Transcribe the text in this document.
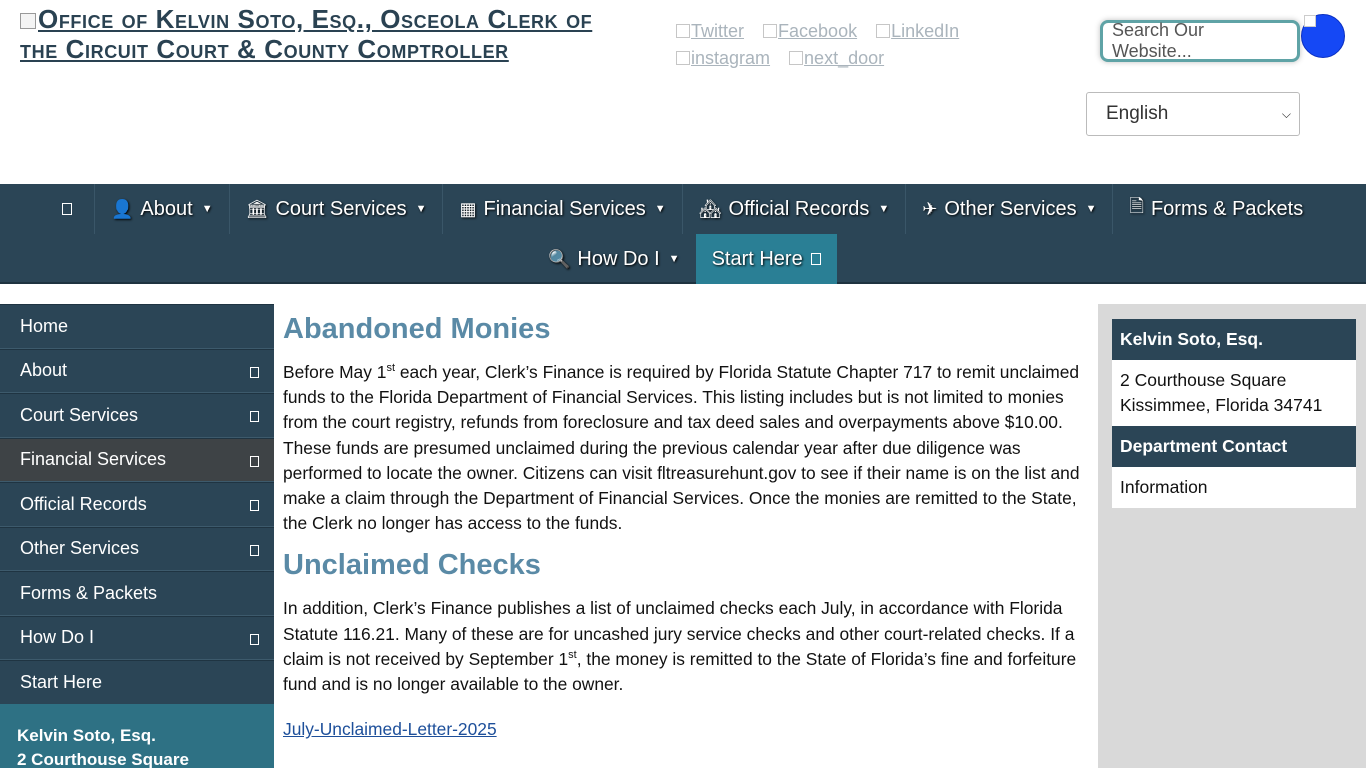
Office of Kelvin Soto, Esq., Osceola Clerk of the Circuit Court & County Comptroller
Twitter Facebook LinkedIn instagram next_door
Search Our Website...
English	⌵
👤 About ▼ 🏛 Court Services ▼ ▦ Financial Services ▼ 🏘 Official Records ▼ ✈ Other Services ▼ 🗎 Forms & Packets
🔍 How Do I ▼ Start Here
Home
About
Court Services
Financial Services
Official Records
Other Services
Forms & Packets
How Do I
Start Here
Kelvin Soto, Esq.
2 Courthouse Square
Abandoned Monies

Before May 1st each year, Clerk’s Finance is required by Florida Statute Chapter 717 to remit unclaimed funds to the Florida Department of Financial Services. This listing includes but is not limited to monies from the court registry, refunds from foreclosure and tax deed sales and overpayments above $10.00. These funds are presumed unclaimed during the previous calendar year after due diligence was performed to locate the owner. Citizens can visit fltreasurehunt.gov to see if their name is on the list and make a claim through the Department of Financial Services. Once the monies are remitted to the State, the Clerk no longer has access to the funds.

Unclaimed Checks

In addition, Clerk’s Finance publishes a list of unclaimed checks each July, in accordance with Florida Statute 116.21. Many of these are for uncashed jury service checks and other court-related checks. If a claim is not received by September 1st, the money is remitted to the State of Florida’s fine and forfeiture fund and is no longer available to the owner.

July-Unclaimed-Letter-2025
Kelvin Soto, Esq.
2 Courthouse Square
Kissimmee, Florida 34741
Department Contact
Information
